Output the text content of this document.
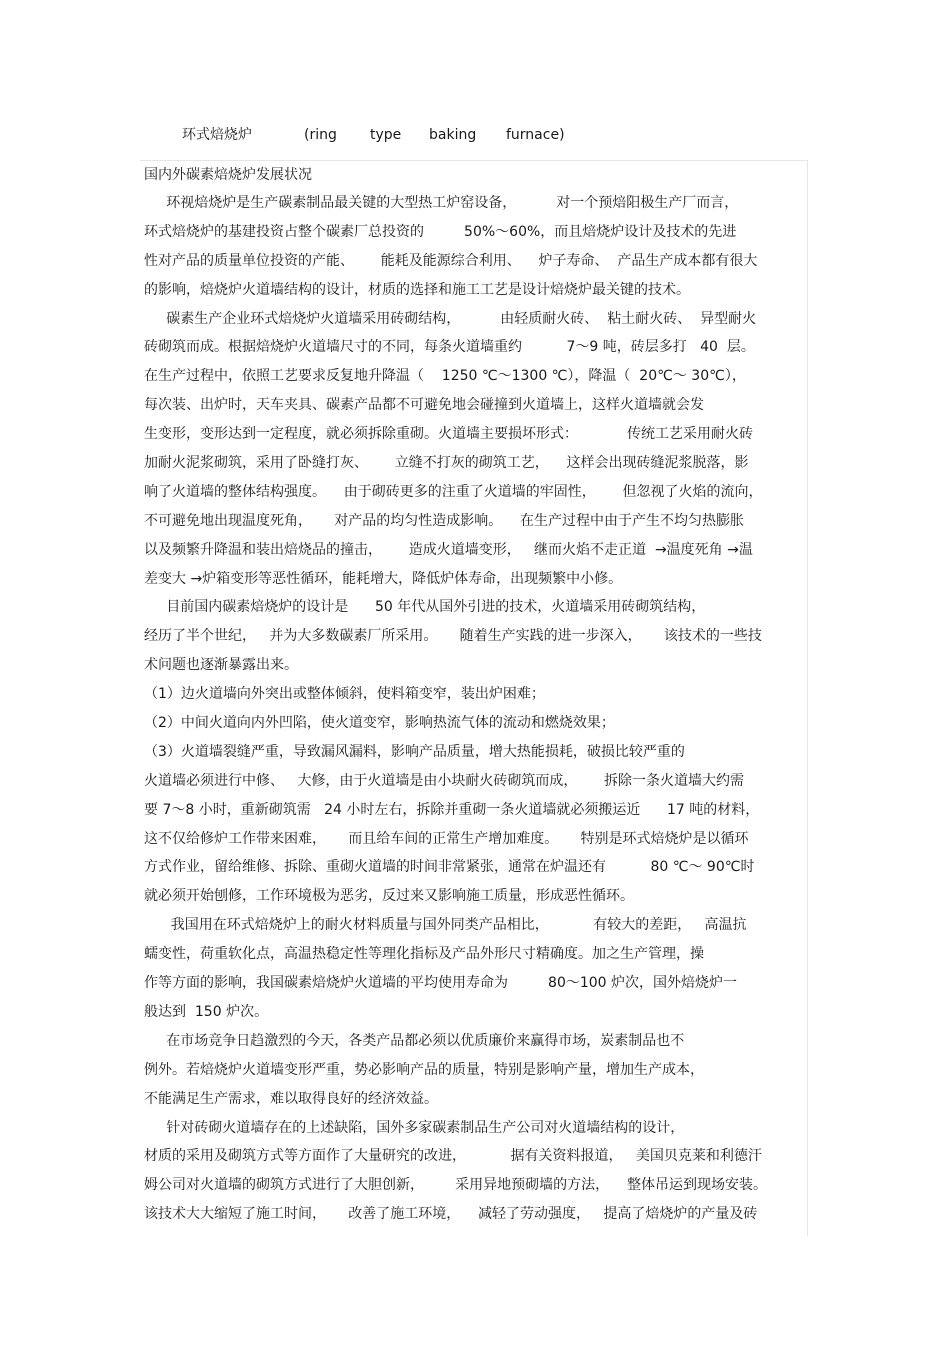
环式焙烧炉	(ring type baking furnace)
国内外碳素焙烧炉发展状况
环视焙烧炉是生产碳素制品最关键的大型热工炉窑设备，         对一个预焙阳极生产厂而言，
环式焙烧炉的基建投资占整个碳素厂总投资的         50%～60%，而且焙烧炉设计及技术的先进
性对产品的质量单位投资的产能、      能耗及能源综合利用、    炉子寿命、  产品生产成本都有很大
的影响，焙烧炉火道墙结构的设计，材质的选择和施工工艺是设计焙烧炉最关键的技术。
碳素生产企业环式焙烧炉火道墙采用砖砌结构，         由轻质耐火砖、  粘土耐火砖、  异型耐火
砖砌筑而成。根据焙烧炉火道墙尺寸的不同，每条火道墙重约          7～9 吨，砖层多打   40  层。
在生产过程中，依照工艺要求反复地升降温（    1250 ℃～1300 ℃），降温（  20℃～ 30℃），
每次装、出炉时，天车夹具、碳素产品都不可避免地会碰撞到火道墙上，这样火道墙就会发
生变形，变形达到一定程度，就必须拆除重砌。火道墙主要损坏形式：           传统工艺采用耐火砖
加耐火泥浆砌筑，采用了卧缝打灰、      立缝不打灰的砌筑工艺，    这样会出现砖缝泥浆脱落，影
响了火道墙的整体结构强度。    由于砌砖更多的注重了火道墙的牢固性，      但忽视了火焰的流向，
不可避免地出现温度死角，     对产品的均匀性造成影响。    在生产过程中由于产生不均匀热膨胀
以及频繁升降温和装出焙烧品的撞击，      造成火道墙变形，   继而火焰不走正道  →温度死角 →温
差变大 →炉箱变形等恶性循环，能耗增大，降低炉体寿命，出现频繁中小修。
目前国内碳素焙烧炉的设计是      50 年代从国外引进的技术，火道墙采用砖砌筑结构，
经历了半个世纪，   并为大多数碳素厂所采用。     随着生产实践的进一步深入，     该技术的一些技
术问题也逐渐暴露出来。
（1）边火道墙向外突出或整体倾斜，使料箱变窄，装出炉困难；
（2）中间火道向内外凹陷，使火道变窄，影响热流气体的流动和燃烧效果；
（3）火道墙裂缝严重，导致漏风漏料，影响产品质量，增大热能损耗，破损比较严重的
火道墙必须进行中修、   大修，由于火道墙是由小块耐火砖砌筑而成，      拆除一条火道墙大约需
要 7～8 小时，重新砌筑需   24 小时左右，拆除并重砌一条火道墙就必须搬运近      17 吨的材料，
这不仅给修炉工作带来困难，     而且给车间的正常生产增加难度。     特别是环式焙烧炉是以循环
方式作业，留给维修、拆除、重砌火道墙的时间非常紧张，通常在炉温还有          80 ℃～ 90℃时
就必须开始刨修，工作环境极为恶劣，反过来又影响施工质量，形成恶性循环。
我国用在环式焙烧炉上的耐火材料质量与国外同类产品相比，          有较大的差距，   高温抗
蠕变性，荷重软化点，高温热稳定性等理化指标及产品外形尺寸精确度。加之生产管理，操
作等方面的影响，我国碳素焙烧炉火道墙的平均使用寿命为         80～100 炉次，国外焙烧炉一
般达到  150 炉次。
在市场竞争日趋激烈的今天，各类产品都必须以优质廉价来赢得市场，炭素制品也不
例外。若焙烧炉火道墙变形严重，势必影响产品的质量，特别是影响产量，增加生产成本，
不能满足生产需求，难以取得良好的经济效益。
针对砖砌火道墙存在的上述缺陷，国外多家碳素制品生产公司对火道墙结构的设计，
材质的采用及砌筑方式等方面作了大量研究的改进，          据有关资料报道，   美国贝克莱和利德汗
姆公司对火道墙的砌筑方式进行了大胆创新，       采用异地预砌墙的方法，    整体吊运到现场安装。
该技术大大缩短了施工时间，     改善了施工环境，    减轻了劳动强度，   提高了焙烧炉的产量及砖
